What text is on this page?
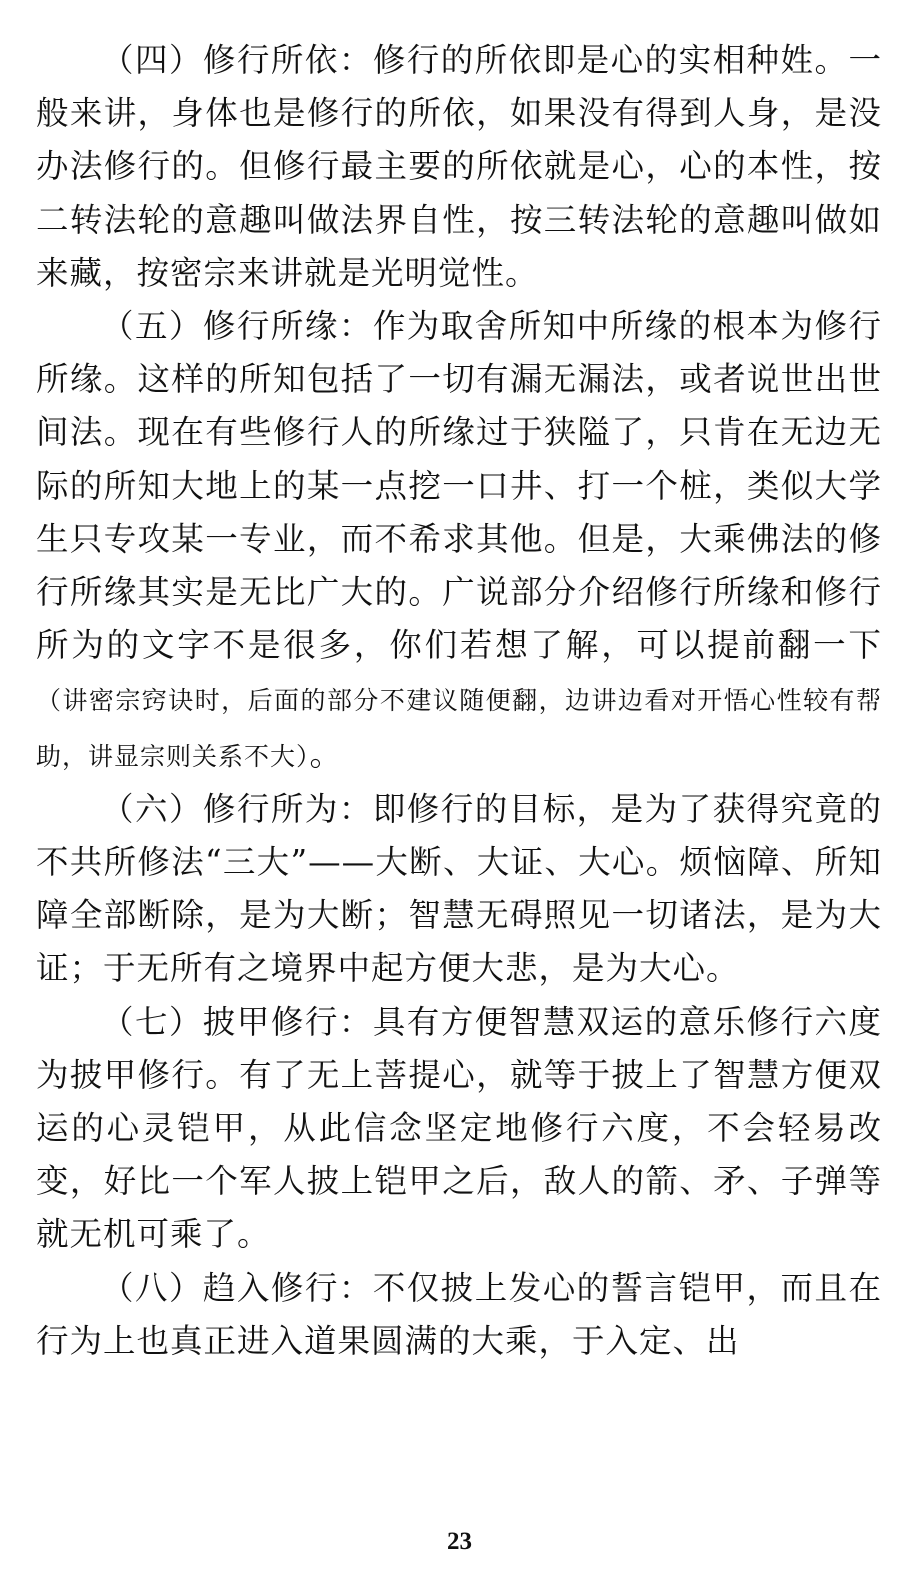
（四）修行所依：修行的所依即是心的实相种姓。一般来讲，身体也是修行的所依，如果没有得到人身，是没办法修行的。但修行最主要的所依就是心，心的本性，按二转法轮的意趣叫做法界自性，按三转法轮的意趣叫做如来藏，按密宗来讲就是光明觉性。

（五）修行所缘：作为取舍所知中所缘的根本为修行所缘。这样的所知包括了一切有漏无漏法，或者说世出世间法。现在有些修行人的所缘过于狭隘了，只肯在无边无际的所知大地上的某一点挖一口井、打一个桩，类似大学生只专攻某一专业，而不希求其他。但是，大乘佛法的修行所缘其实是无比广大的。广说部分介绍修行所缘和修行所为的文字不是很多，你们若想了解，可以提前翻一下（讲密宗窍诀时，后面的部分不建议随便翻，边讲边看对开悟心性较有帮助，讲显宗则关系不大）。

（六）修行所为：即修行的目标，是为了获得究竟的不共所修法“三大”——大断、大证、大心。烦恼障、所知障全部断除，是为大断；智慧无碍照见一切诸法，是为大证；于无所有之境界中起方便大悲，是为大心。

（七）披甲修行：具有方便智慧双运的意乐修行六度为披甲修行。有了无上菩提心，就等于披上了智慧方便双运的心灵铠甲，从此信念坚定地修行六度，不会轻易改变，好比一个军人披上铠甲之后，敌人的箭、矛、子弹等就无机可乘了。

（八）趋入修行：不仅披上发心的誓言铠甲，而且在行为上也真正进入道果圆满的大乘，于入定、出

23
